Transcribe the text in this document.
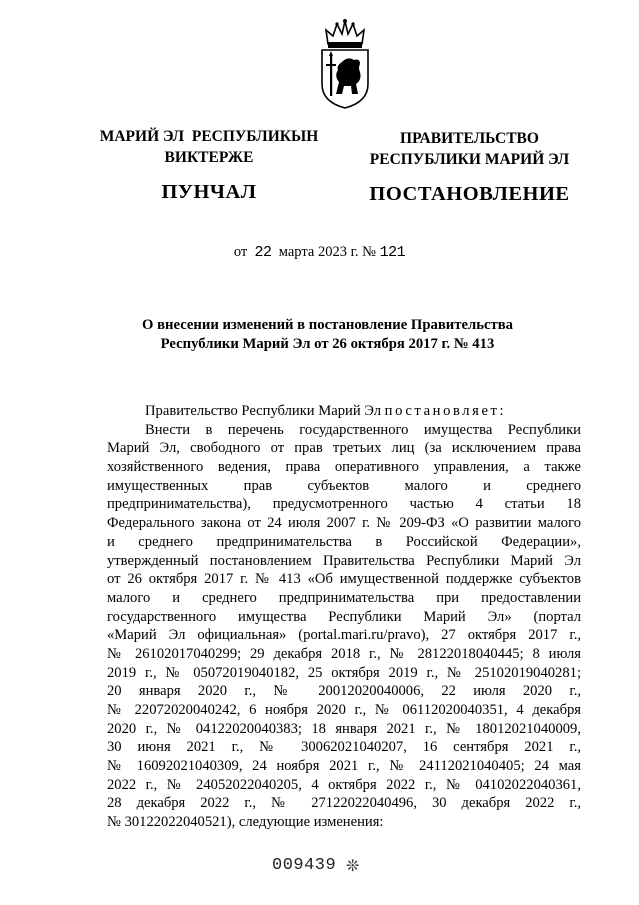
МАРИЙ ЭЛ  РЕСПУБЛИКЫН
ВИКТЕРЖЕ
ПУНЧАЛ
ПРАВИТЕЛЬСТВО
РЕСПУБЛИКИ МАРИЙ ЭЛ
ПОСТАНОВЛЕНИЕ
от 22 марта 2023 г. № 121
О внесении изменений в постановление Правительства
Республики Марий Эл от 26 октября 2017 г. № 413
Правительство Республики Марий Эл постановляет:
Внести в перечень государственного имущества Республики
Марий Эл, свободного от прав третьих лиц (за исключением права
хозяйственного ведения, права оперативного управления, а также
имущественных прав субъектов малого и среднего
предпринимательства), предусмотренного частью 4 статьи 18
Федерального закона от 24 июля 2007 г. № 209-ФЗ «О развитии малого
и среднего предпринимательства в Российской Федерации»,
утвержденный постановлением Правительства Республики Марий Эл
от 26 октября 2017 г. № 413 «Об имущественной поддержке субъектов
малого и среднего предпринимательства при предоставлении
государственного имущества Республики Марий Эл» (портал
«Марий Эл официальная» (portal.mari.ru/pravo), 27 октября 2017 г.,
№ 26102017040299; 29 декабря 2018 г., № 28122018040445; 8 июля
2019 г., № 05072019040182, 25 октября 2019 г., № 25102019040281;
20 января 2020 г., № 20012020040006, 22 июля 2020 г.,
№ 22072020040242, 6 ноября 2020 г., № 06112020040351, 4 декабря
2020 г., № 04122020040383; 18 января 2021 г., № 18012021040009,
30 июня 2021 г., № 30062021040207, 16 сентября 2021 г.,
№ 16092021040309, 24 ноября 2021 г., № 24112021040405; 24 мая
2022 г., № 24052022040205, 4 октября 2022 г., № 04102022040361,
28 декабря 2022 г., № 27122022040496, 30 декабря 2022 г.,
№ 30122022040521), следующие изменения:
009439 ❊
